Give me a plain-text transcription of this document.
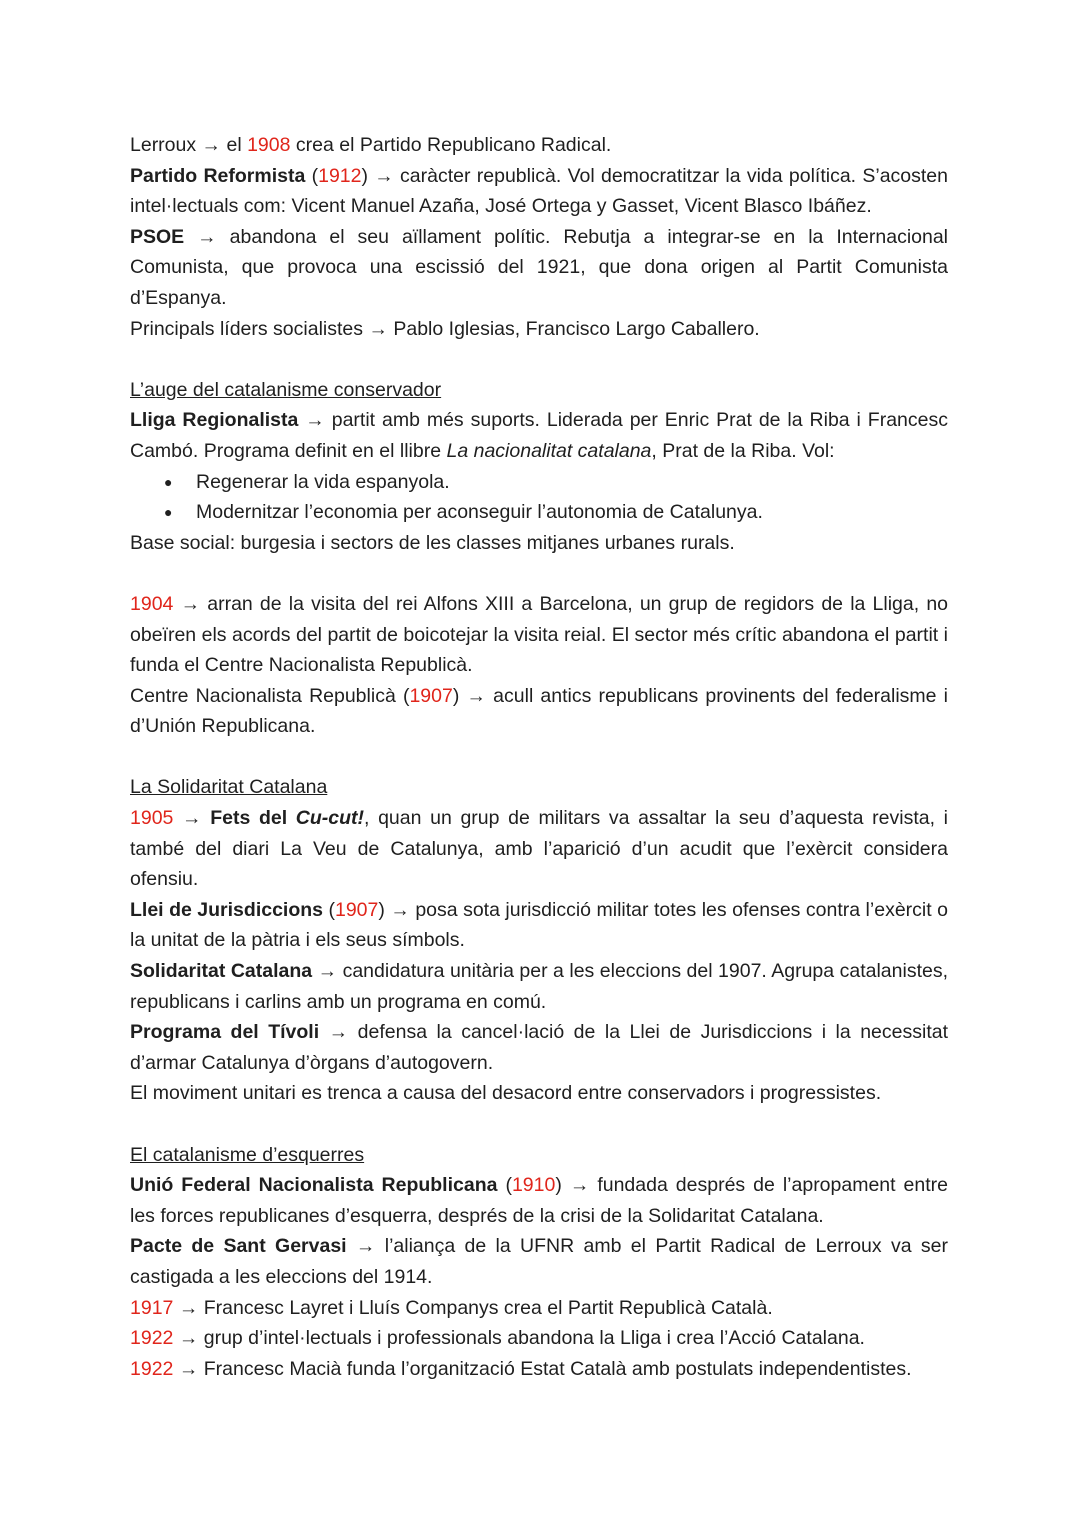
Lerroux → el 1908 crea el Partido Republicano Radical.

Partido Reformista (1912) → caràcter republicà. Vol democratitzar la vida política. S’acosten intel·lectuals com: Vicent Manuel Azaña, José Ortega y Gasset, Vicent Blasco Ibáñez.

PSOE → abandona el seu aïllament polític. Rebutja a integrar-se en la Internacional Comunista, que provoca una escissió del 1921, que dona origen al Partit Comunista d’Espanya.

Principals líders socialistes → Pablo Iglesias, Francisco Largo Caballero.

L’auge del catalanisme conservador

Lliga Regionalista → partit amb més suports. Liderada per Enric Prat de la Riba i Francesc Cambó. Programa definit en el llibre La nacionalitat catalana, Prat de la Riba. Vol:

● Regenerar la vida espanyola.
● Modernitzar l’economia per aconseguir l’autonomia de Catalunya.

Base social: burgesia i sectors de les classes mitjanes urbanes rurals.

1904 → arran de la visita del rei Alfons XIII a Barcelona, un grup de regidors de la Lliga, no obeïren els acords del partit de boicotejar la visita reial. El sector més crític abandona el partit i funda el Centre Nacionalista Republicà.

Centre Nacionalista Republicà (1907) → acull antics republicans provinents del federalisme i d’Unión Republicana.

La Solidaritat Catalana

1905 → Fets del Cu-cut!, quan un grup de militars va assaltar la seu d’aquesta revista, i també del diari La Veu de Catalunya, amb l’aparició d’un acudit que l’exèrcit considera ofensiu.

Llei de Jurisdiccions (1907) → posa sota jurisdicció militar totes les ofenses contra l’exèrcit o la unitat de la pàtria i els seus símbols.

Solidaritat Catalana → candidatura unitària per a les eleccions del 1907. Agrupa catalanistes, republicans i carlins amb un programa en comú.

Programa del Tívoli → defensa la cancel·lació de la Llei de Jurisdiccions i la necessitat d’armar Catalunya d’òrgans d’autogovern.

El moviment unitari es trenca a causa del desacord entre conservadors i progressistes.

El catalanisme d’esquerres

Unió Federal Nacionalista Republicana (1910) → fundada després de l’apropament entre les forces republicanes d’esquerra, després de la crisi de la Solidaritat Catalana.

Pacte de Sant Gervasi → l’aliança de la UFNR amb el Partit Radical de Lerroux va ser castigada a les eleccions del 1914.

1917 → Francesc Layret i Lluís Companys crea el Partit Republicà Català.

1922 → grup d’intel·lectuals i professionals abandona la Lliga i crea l’Acció Catalana.

1922 → Francesc Macià funda l’organització Estat Català amb postulats independentistes.
